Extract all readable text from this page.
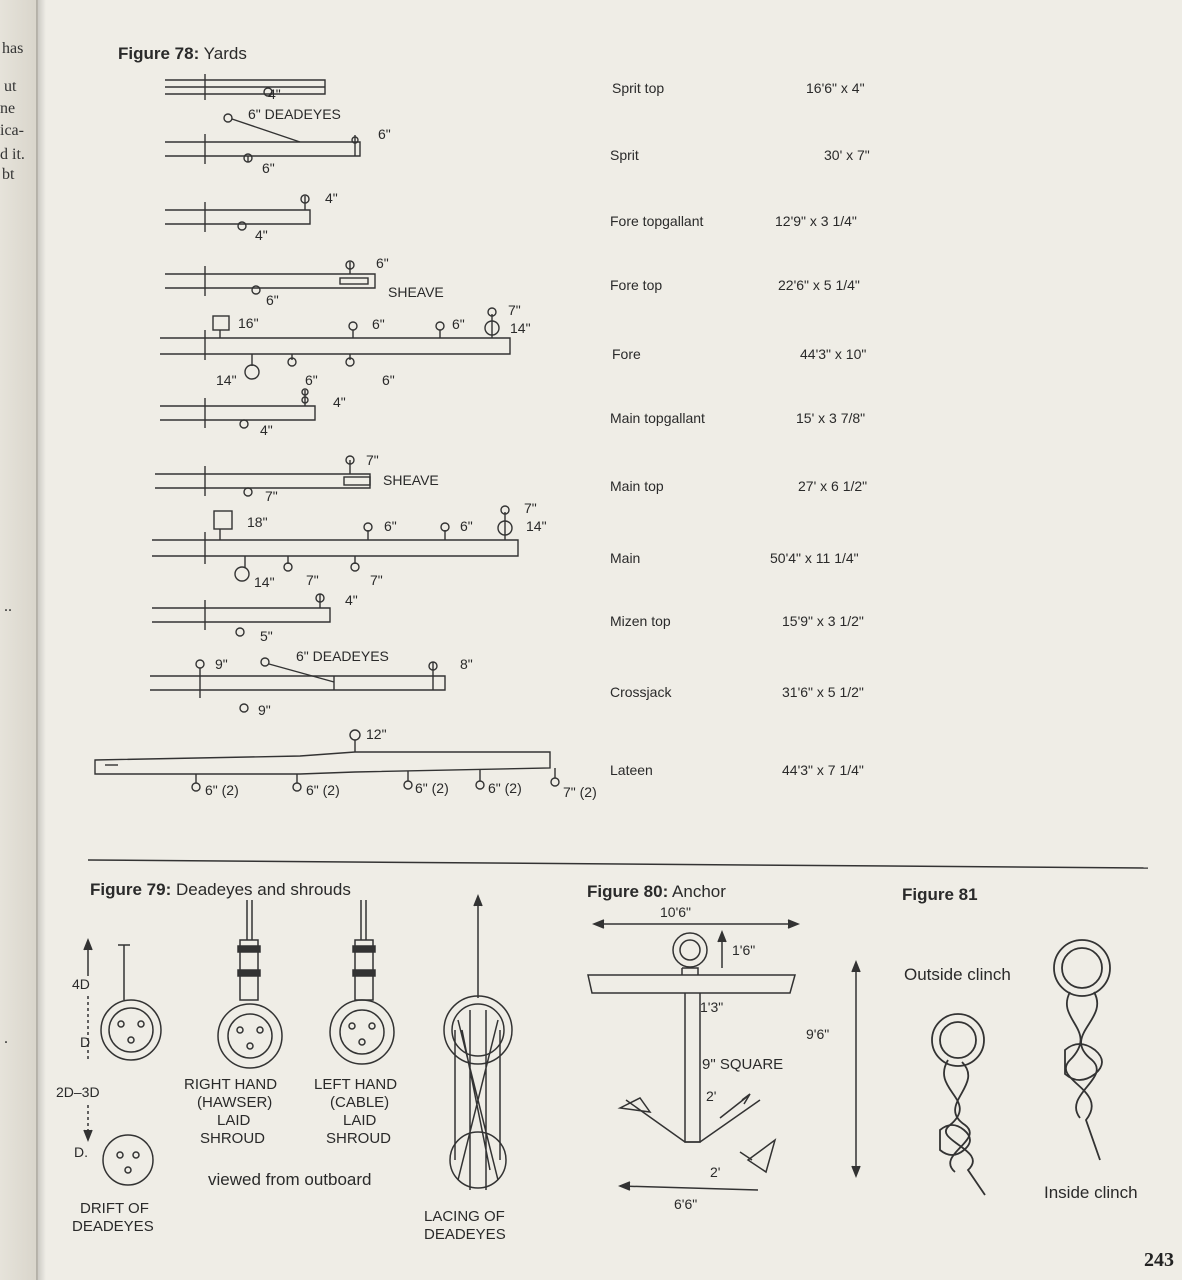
has
ut
ne
ica-
d it.
bt
..
.
Figure 78: Yards
4"
6" DEADEYES
6"
6"
4"
4"
6"
SHEAVE
6"
16"	6"	6"
7"
14"
14"	6"	6"
4"
4"
7"
SHEAVE
7"
18"	6"	6"
7"
14"
14" 7"	7"
4"
5"
9"	6" DEADEYES	8"
9"
12"
6" (2)	6" (2)	6" (2)	6" (2)	7" (2)
Sprit top	16'6" x 4"
Sprit	30' x 7"
Fore topgallant	12'9" x 3 1/4"
Fore top	22'6" x 5 1/4"
Fore	44'3" x 10"
Main topgallant	15' x 3 7/8"
Main top	27' x 6 1/2"
Main	50'4" x 11 1/4"
Mizen top	15'9" x 3 1/2"
Crossjack	31'6" x 5 1/2"
Lateen	44'3" x 7 1/4"
Figure 79: Deadeyes and shrouds
4D
D
2D–3D
D.
RIGHT HAND
(HAWSER)
LAID
SHROUD
LEFT HAND
(CABLE)
LAID
SHROUD
viewed from outboard
DRIFT OF
DEADEYES
LACING OF
DEADEYES
Figure 80: Anchor
10'6"
1'6"
1'3"
9'6"
9" SQUARE
2'
2'
6'6"
Figure 81
Outside clinch
Inside clinch
243
